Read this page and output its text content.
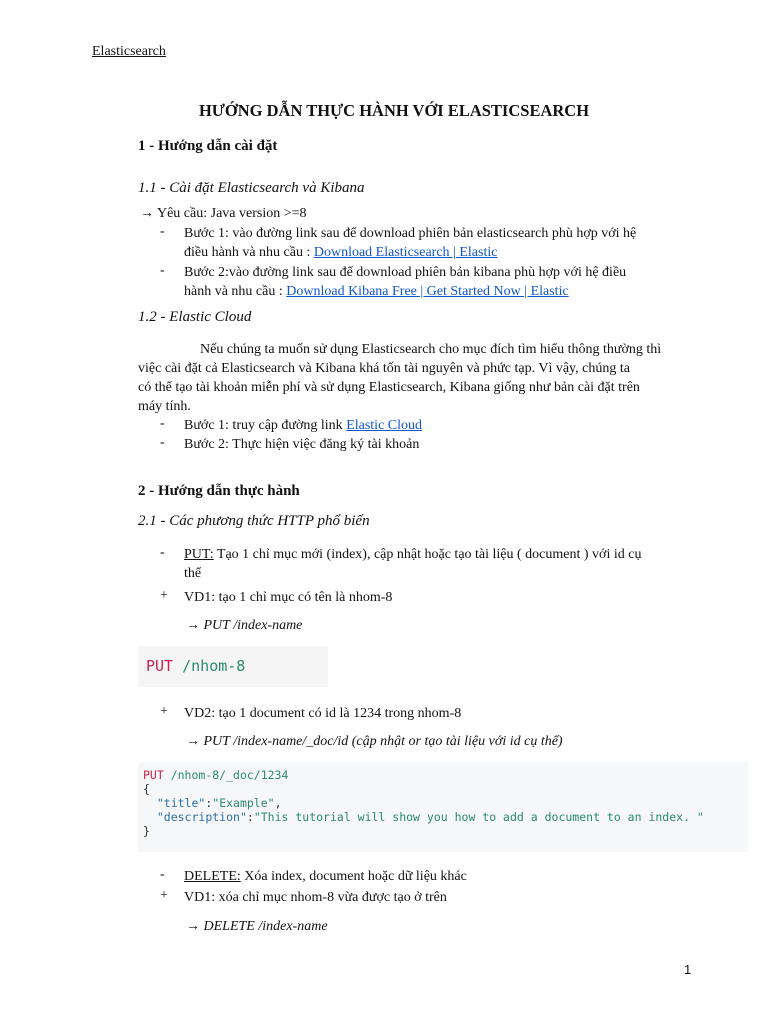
Elasticsearch
HƯỚNG DẪN THỰC HÀNH VỚI ELASTICSEARCH
1 - Hướng dẫn cài đặt
1.1 - Cài đặt Elasticsearch và Kibana
→ Yêu cầu: Java version >=8
- Bước 1: vào đường link sau để download phiên bản elasticsearch phù hợp với hệ
điều hành và nhu cầu : Download Elasticsearch | Elastic
- Bước 2:vào đường link sau để download phiên bản kibana phù hợp với hệ điều
hành và nhu cầu : Download Kibana Free | Get Started Now | Elastic
1.2 - Elastic Cloud
Nếu chúng ta muốn sử dụng Elasticsearch cho mục đích tìm hiểu thông thường thì
việc cài đặt cả Elasticsearch và Kibana khá tốn tài nguyên và phức tạp. Vì vậy, chúng ta
có thể tạo tài khoản miễn phí và sử dụng Elasticsearch, Kibana giống như bản cài đặt trên
máy tính.
- Bước 1: truy cập đường link Elastic Cloud
- Bước 2: Thực hiện việc đăng ký tài khoản
2 - Hướng dẫn thực hành
2.1 - Các phương thức HTTP phổ biến
- PUT: Tạo 1 chỉ mục mới (index), cập nhật hoặc tạo tài liệu ( document ) với id cụ
thể
+ VD1: tạo 1 chỉ mục có tên là nhom-8
→ PUT /index-name
PUT /nhom-8
+ VD2: tạo 1 document có id là 1234 trong nhom-8
→ PUT /index-name/_doc/id (cập nhật or tạo tài liệu với id cụ thể)
PUT /nhom-8/_doc/1234
{
"title":"Example",
"description":"This tutorial will show you how to add a document to an index. "
}
- DELETE: Xóa index, document hoặc dữ liệu khác
+ VD1: xóa chỉ mục nhom-8 vừa được tạo ở trên
→ DELETE /index-name
1
